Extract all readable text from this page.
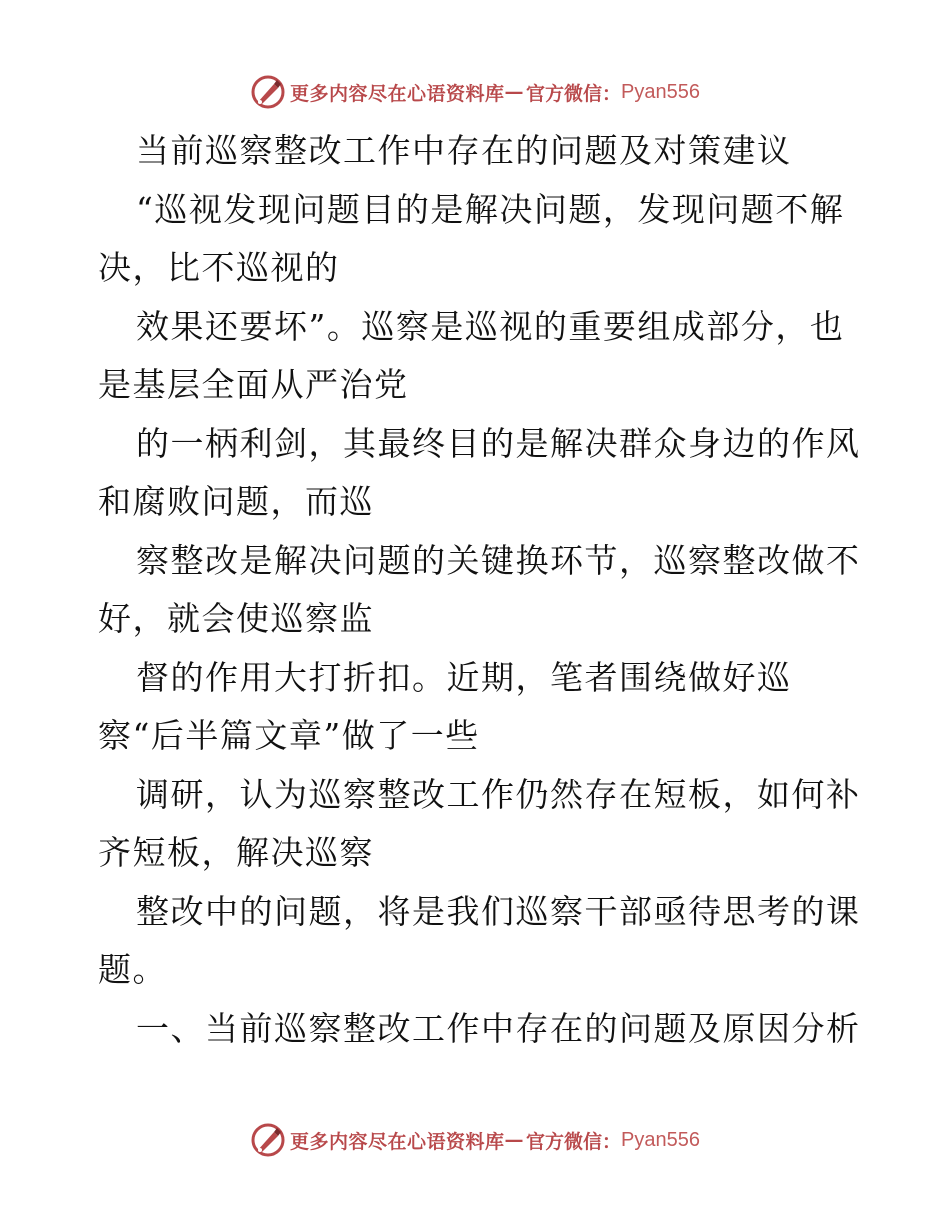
更多内容尽在心语资料库 — 官方微信： Pyan556
当前巡察整改工作中存在的问题及对策建议
“巡视发现问题目的是解决问题，发现问题不解
决，比不巡视的
效果还要坏”。巡察是巡视的重要组成部分，也
是基层全面从严治党
的一柄利剑，其最终目的是解决群众身边的作风
和腐败问题，而巡
察整改是解决问题的关键换环节，巡察整改做不
好，就会使巡察监
督的作用大打折扣。近期，笔者围绕做好巡
察“后半篇文章”做了一些
调研，认为巡察整改工作仍然存在短板，如何补
齐短板，解决巡察
整改中的问题，将是我们巡察干部亟待思考的课
题。
一、当前巡察整改工作中存在的问题及原因分析
更多内容尽在心语资料库 — 官方微信： Pyan556
